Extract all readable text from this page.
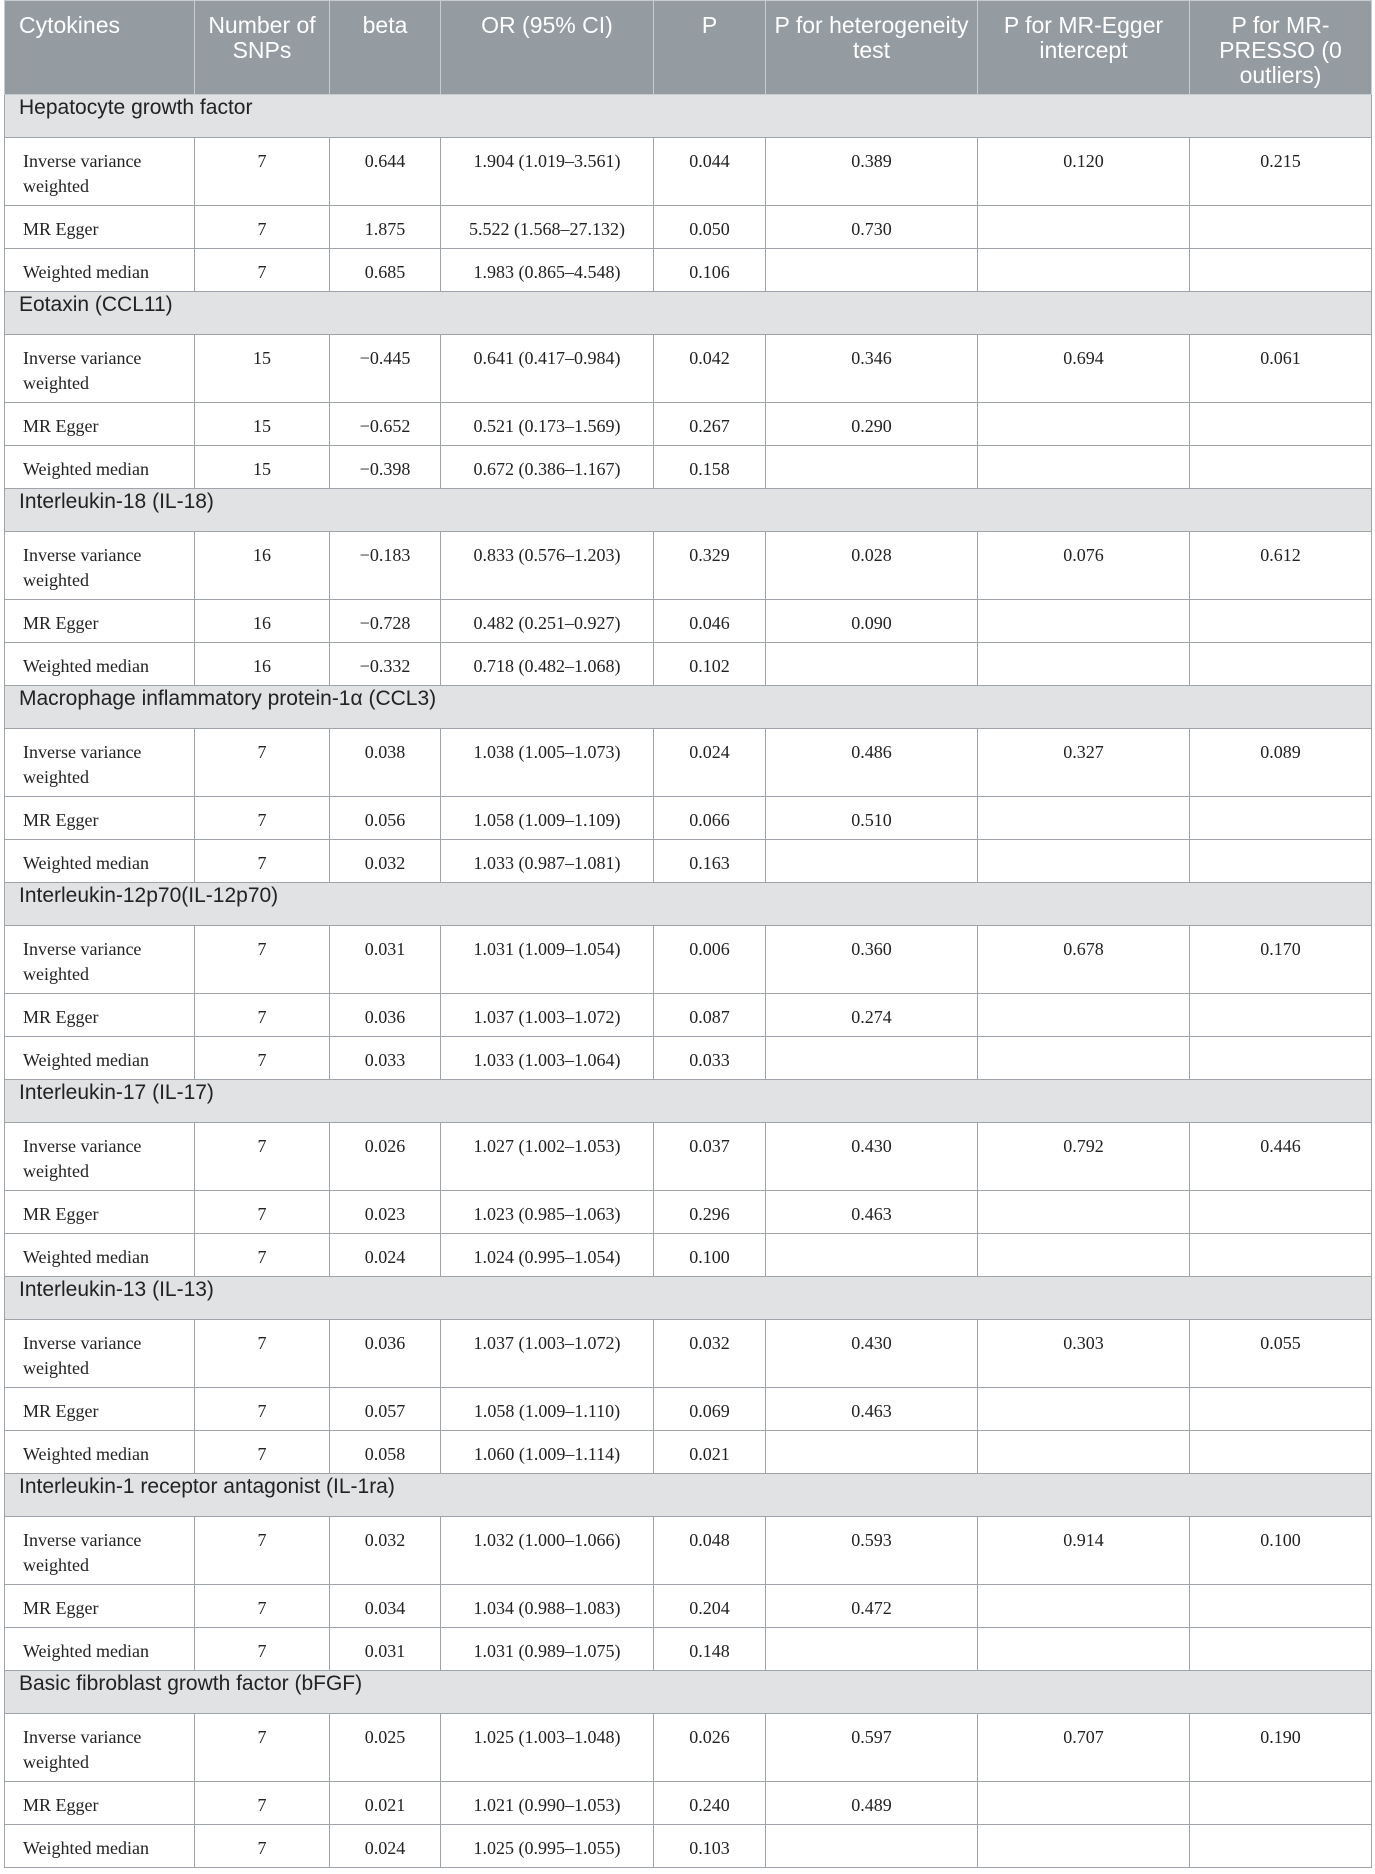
Cytokines	Number of SNPs	beta	OR (95% CI)	P	P for heterogeneity test	P for MR-Egger intercept	P for MR-PRESSO (0 outliers)
Hepatocyte growth factor							
Inverse variance weighted	7	0.644	1.904 (1.019–3.561)	0.044	0.389	0.120	0.215
MR Egger	7	1.875	5.522 (1.568–27.132)	0.050	0.730		
Weighted median	7	0.685	1.983 (0.865–4.548)	0.106			
Eotaxin (CCL11)							
Inverse variance weighted	15	−0.445	0.641 (0.417–0.984)	0.042	0.346	0.694	0.061
MR Egger	15	−0.652	0.521 (0.173–1.569)	0.267	0.290		
Weighted median	15	−0.398	0.672 (0.386–1.167)	0.158			
Interleukin-18 (IL-18)							
Inverse variance weighted	16	−0.183	0.833 (0.576–1.203)	0.329	0.028	0.076	0.612
MR Egger	16	−0.728	0.482 (0.251–0.927)	0.046	0.090		
Weighted median	16	−0.332	0.718 (0.482–1.068)	0.102			
Macrophage inflammatory protein-1α (CCL3)							
Inverse variance weighted	7	0.038	1.038 (1.005–1.073)	0.024	0.486	0.327	0.089
MR Egger	7	0.056	1.058 (1.009–1.109)	0.066	0.510		
Weighted median	7	0.032	1.033 (0.987–1.081)	0.163			
Interleukin-12p70(IL-12p70)							
Inverse variance weighted	7	0.031	1.031 (1.009–1.054)	0.006	0.360	0.678	0.170
MR Egger	7	0.036	1.037 (1.003–1.072)	0.087	0.274		
Weighted median	7	0.033	1.033 (1.003–1.064)	0.033			
Interleukin-17 (IL-17)							
Inverse variance weighted	7	0.026	1.027 (1.002–1.053)	0.037	0.430	0.792	0.446
MR Egger	7	0.023	1.023 (0.985–1.063)	0.296	0.463		
Weighted median	7	0.024	1.024 (0.995–1.054)	0.100			
Interleukin-13 (IL-13)							
Inverse variance weighted	7	0.036	1.037 (1.003–1.072)	0.032	0.430	0.303	0.055
MR Egger	7	0.057	1.058 (1.009–1.110)	0.069	0.463		
Weighted median	7	0.058	1.060 (1.009–1.114)	0.021			
Interleukin-1 receptor antagonist (IL-1ra)							
Inverse variance weighted	7	0.032	1.032 (1.000–1.066)	0.048	0.593	0.914	0.100
MR Egger	7	0.034	1.034 (0.988–1.083)	0.204	0.472		
Weighted median	7	0.031	1.031 (0.989–1.075)	0.148			
Basic fibroblast growth factor (bFGF)							
Inverse variance weighted	7	0.025	1.025 (1.003–1.048)	0.026	0.597	0.707	0.190
MR Egger	7	0.021	1.021 (0.990–1.053)	0.240	0.489		
Weighted median	7	0.024	1.025 (0.995–1.055)	0.103			
